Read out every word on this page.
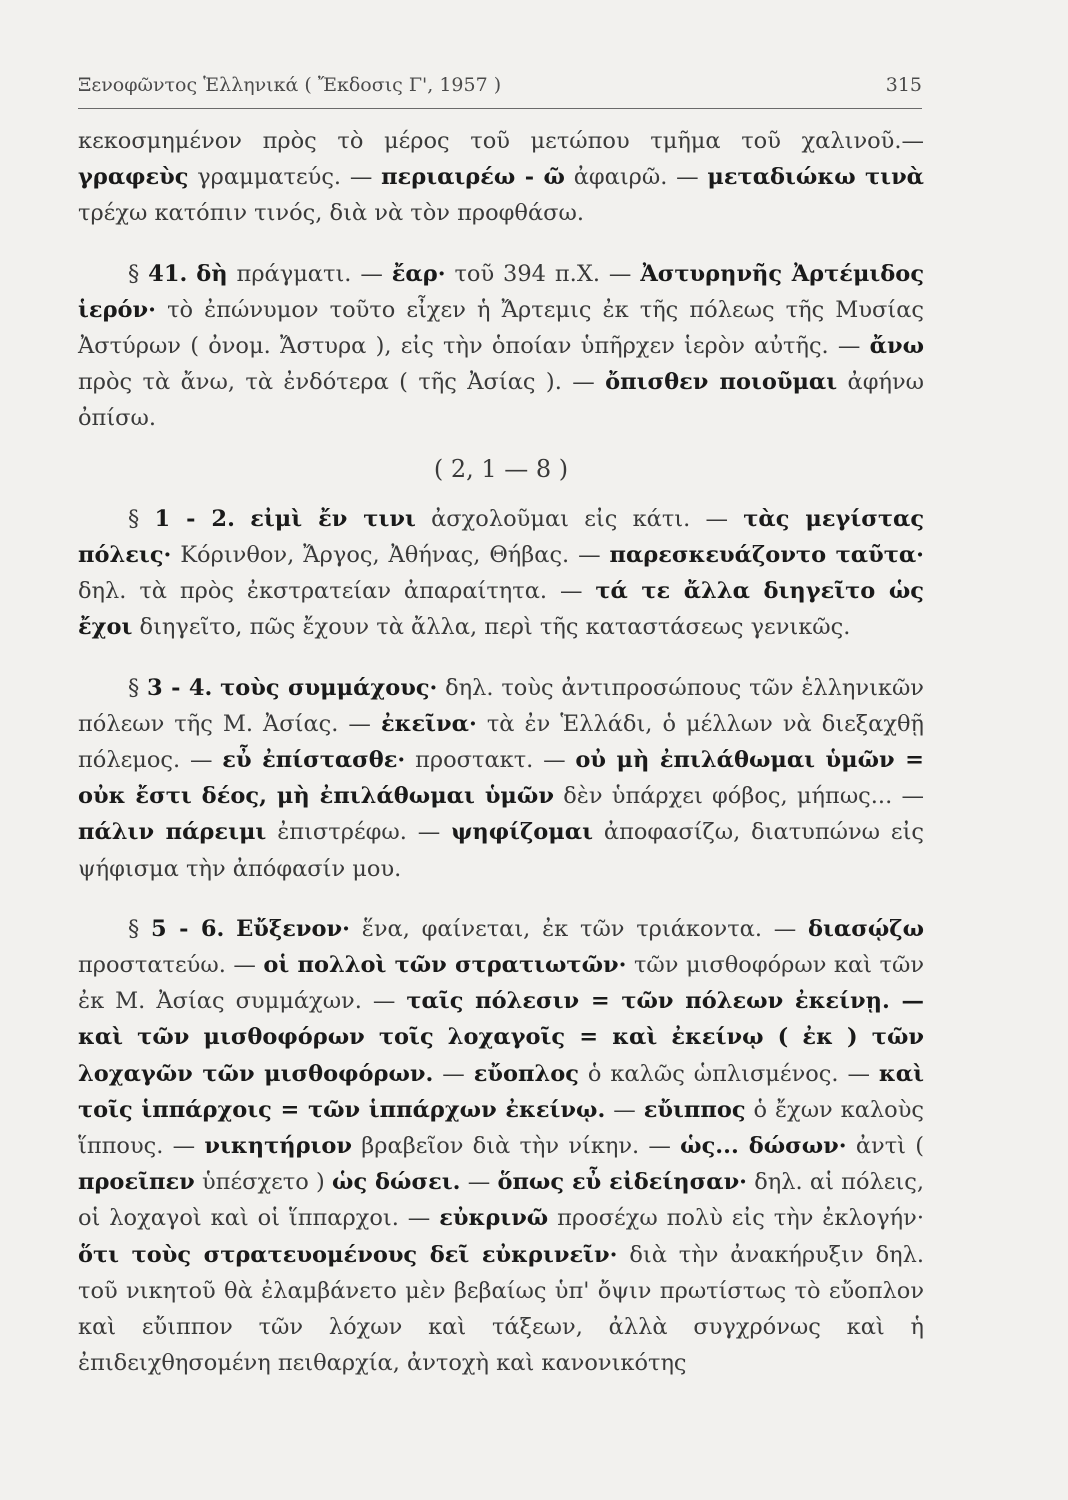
Ξενοφῶντος Ἑλληνικά ( Ἔκδοσις Γ', 1957 )	315

κεκοσμημένον πρὸς τὸ μέρος τοῦ μετώπου τμῆμα τοῦ χαλινοῦ.— γραφεὺς γραμματεύς. — περιαιρέω - ῶ ἀφαιρῶ. — μεταδιώκω τινὰ τρέχω κατόπιν τινός, διὰ νὰ τὸν προφθάσω.

§ 41. δὴ πράγματι. — ἔαρ· τοῦ 394 π.Χ. — Ἀστυρηνῆς Ἀρτέμιδος ἱερόν· τὸ ἐπώνυμον τοῦτο εἶχεν ἡ Ἄρτεμις ἐκ τῆς πόλεως τῆς Μυσίας Ἀστύρων ( ὀνομ. Ἄστυρα ), εἰς τὴν ὁποίαν ὑπῆρχεν ἱερὸν αὐτῆς. — ἄνω πρὸς τὰ ἄνω, τὰ ἐνδότερα ( τῆς Ἀσίας ). — ὄπισθεν ποιοῦμαι ἀφήνω ὀπίσω.

( 2, 1 — 8 )

§ 1 - 2. εἰμὶ ἔν τινι ἀσχολοῦμαι εἰς κάτι. — τὰς μεγίστας πόλεις· Κόρινθον, Ἄργος, Ἀθήνας, Θήβας. — παρεσκευάζοντο ταῦτα· δηλ. τὰ πρὸς ἐκστρατείαν ἀπαραίτητα. — τά τε ἄλλα διηγεῖτο ὡς ἔχοι διηγεῖτο, πῶς ἔχουν τὰ ἄλλα, περὶ τῆς καταστάσεως γενικῶς.

§ 3 - 4. τοὺς συμμάχους· δηλ. τοὺς ἀντιπροσώπους τῶν ἑλληνικῶν πόλεων τῆς Μ. Ἀσίας. — ἐκεῖνα· τὰ ἐν Ἑλλάδι, ὁ μέλλων νὰ διεξαχθῇ πόλεμος. — εὖ ἐπίστασθε· προστακτ. — οὐ μὴ ἐπιλάθωμαι ὑμῶν = οὐκ ἔστι δέος, μὴ ἐπιλάθωμαι ὑμῶν δὲν ὑπάρχει φόβος, μήπως... — πάλιν πάρειμι ἐπιστρέφω. — ψηφίζομαι ἀποφασίζω, διατυπώνω εἰς ψήφισμα τὴν ἀπόφασίν μου.

§ 5 - 6. Εὔξενον· ἕνα, φαίνεται, ἐκ τῶν τριάκοντα. — διασῴζω προστατεύω. — οἱ πολλοὶ τῶν στρατιωτῶν· τῶν μισθοφόρων καὶ τῶν ἐκ Μ. Ἀσίας συμμάχων. — ταῖς πόλεσιν = τῶν πόλεων ἐκείνῃ. — καὶ τῶν μισθοφόρων τοῖς λοχαγοῖς = καὶ ἐκείνῳ ( ἐκ ) τῶν λοχαγῶν τῶν μισθοφόρων. — εὔοπλος ὁ καλῶς ὡπλισμένος. — καὶ τοῖς ἱππάρχοις = τῶν ἱππάρχων ἐκείνῳ. — εὔιππος ὁ ἔχων καλοὺς ἵππους. — νικητήριον βραβεῖον διὰ τὴν νίκην. — ὡς... δώσων· ἀντὶ ( προεῖπεν ὑπέσχετο ) ὡς δώσει. — ὅπως εὖ εἰδείησαν· δηλ. αἱ πόλεις, οἱ λοχαγοὶ καὶ οἱ ἵππαρχοι. — εὐκρινῶ προσέχω πολὺ εἰς τὴν ἐκλογήν· ὅτι τοὺς στρατευομένους δεῖ εὐκρινεῖν· διὰ τὴν ἀνακήρυξιν δηλ. τοῦ νικητοῦ θὰ ἐλαμβάνετο μὲν βεβαίως ὑπ' ὄψιν πρωτίστως τὸ εὔοπλον καὶ εὔιππον τῶν λόχων καὶ τάξεων, ἀλλὰ συγχρόνως καὶ ἡ ἐπιδειχθησομένη πειθαρχία, ἀντοχὴ καὶ κανονικότης
